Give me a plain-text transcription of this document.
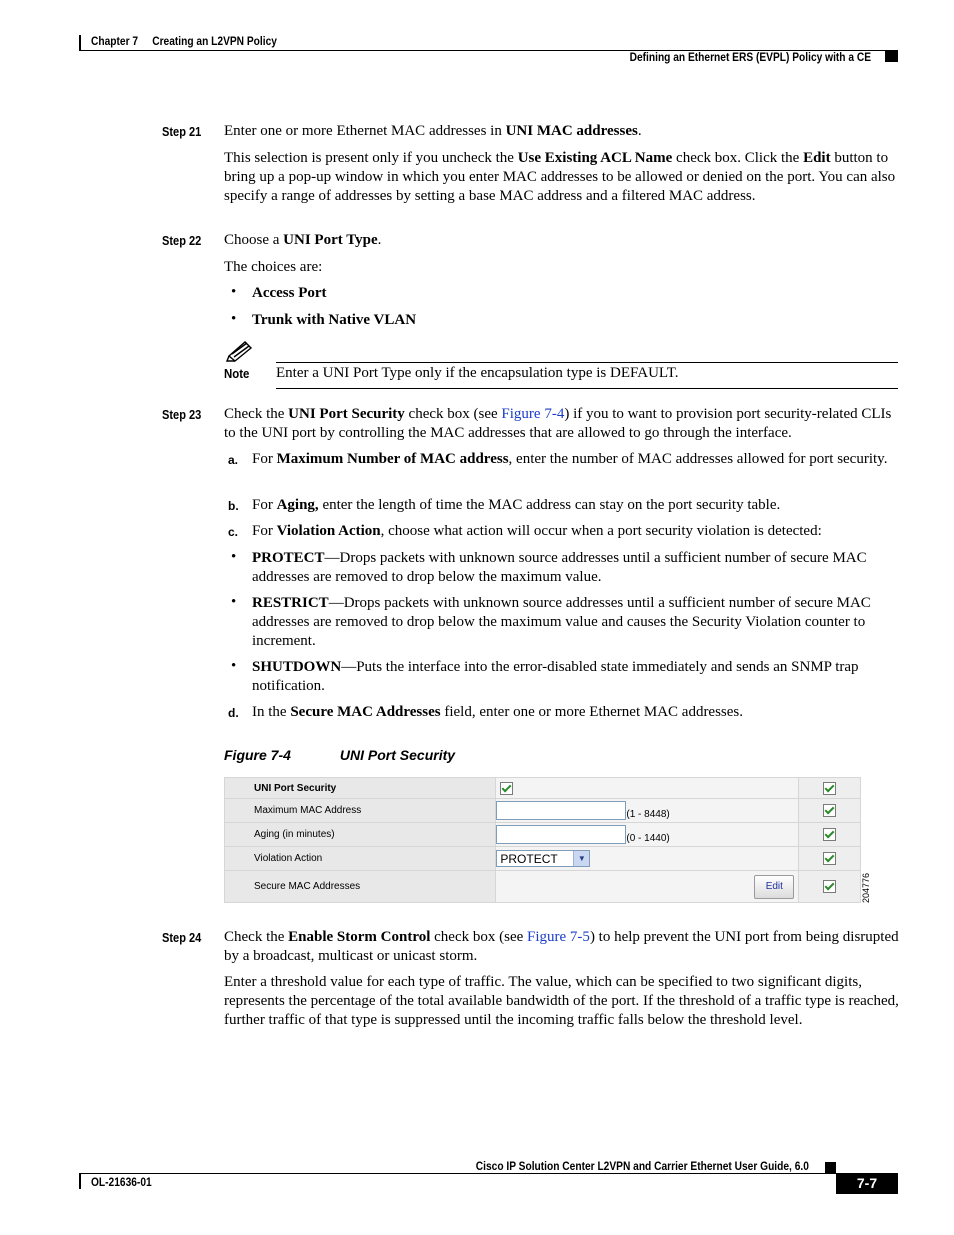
Chapter 7 Creating an L2VPN Policy
Defining an Ethernet ERS (EVPL) Policy with a CE
Step 21 Enter one or more Ethernet MAC addresses in UNI MAC addresses.
This selection is present only if you uncheck the Use Existing ACL Name check box. Click the Edit button to bring up a pop-up window in which you enter MAC addresses to be allowed or denied on the port. You can also specify a range of addresses by setting a base MAC address and a filtered MAC address.
Step 22 Choose a UNI Port Type.
The choices are:
• Access Port
• Trunk with Native VLAN
Note Enter a UNI Port Type only if the encapsulation type is DEFAULT.
Step 23 Check the UNI Port Security check box (see Figure 7-4) if you to want to provision port security-related CLIs to the UNI port by controlling the MAC addresses that are allowed to go through the interface.
a. For Maximum Number of MAC address, enter the number of MAC addresses allowed for port security.
b. For Aging, enter the length of time the MAC address can stay on the port security table.
c. For Violation Action, choose what action will occur when a port security violation is detected:
• PROTECT—Drops packets with unknown source addresses until a sufficient number of secure MAC addresses are removed to drop below the maximum value.
• RESTRICT—Drops packets with unknown source addresses until a sufficient number of secure MAC addresses are removed to drop below the maximum value and causes the Security Violation counter to increment.
• SHUTDOWN—Puts the interface into the error-disabled state immediately and sends an SNMP trap notification.
d. In the Secure MAC Addresses field, enter one or more Ethernet MAC addresses.
Figure 7-4	UNI Port Security
UNI Port Security		
Maximum MAC Address	(1 - 8448)	
Aging (in minutes)	(0 - 1440)	
Violation Action	PROTECT ▼	

Secure MAC Addresses	Edit	
		204776
Step 24 Check the Enable Storm Control check box (see Figure 7-5) to help prevent the UNI port from being disrupted by a broadcast, multicast or unicast storm.
Enter a threshold value for each type of traffic. The value, which can be specified to two significant digits, represents the percentage of the total available bandwidth of the port. If the threshold of a traffic type is reached, further traffic of that type is suppressed until the incoming traffic falls below the threshold level.
Cisco IP Solution Center L2VPN and Carrier Ethernet User Guide, 6.0
OL-21636-01	7-7
